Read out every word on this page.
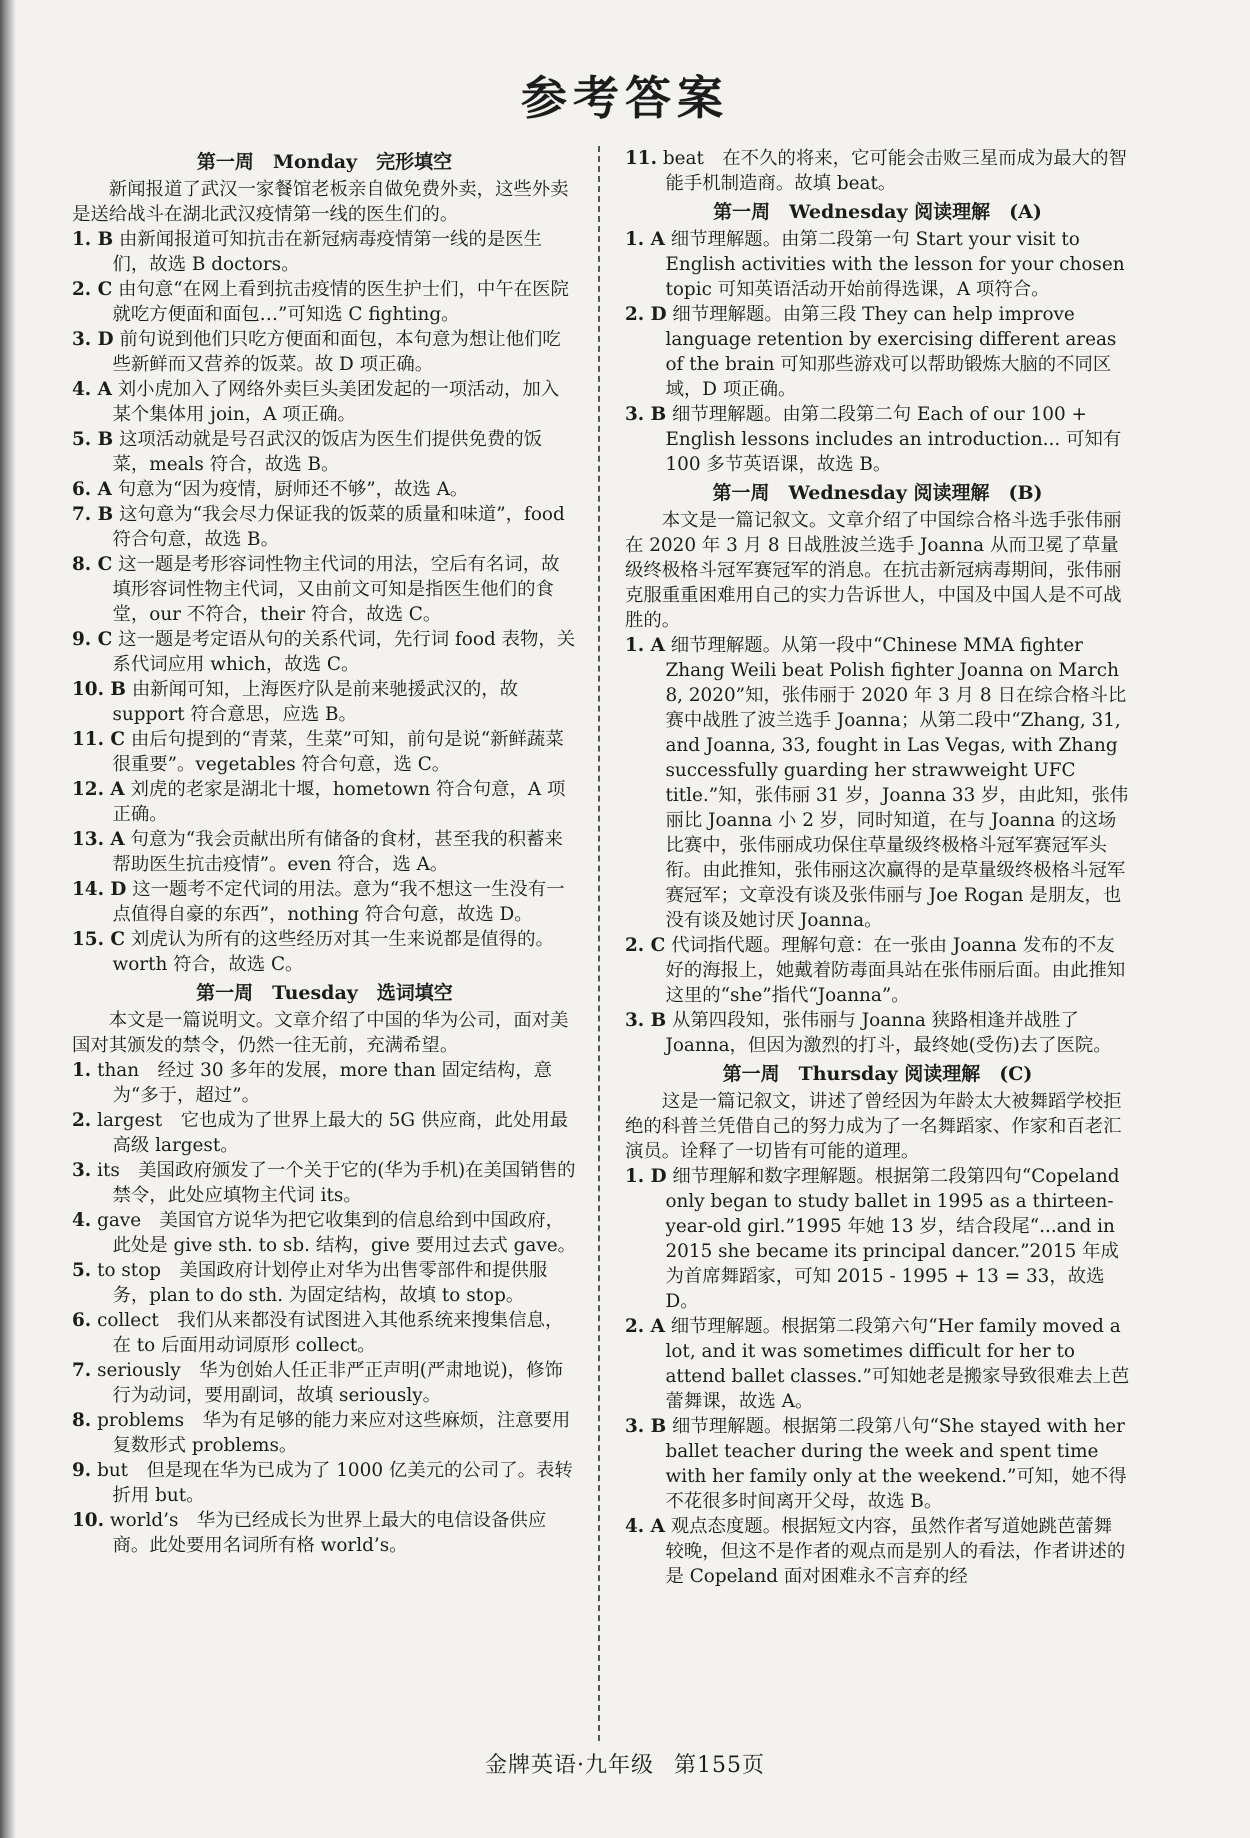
参考答案
第一周　Monday　完形填空

新闻报道了武汉一家餐馆老板亲自做免费外卖，这些外卖是送给战斗在湖北武汉疫情第一线的医生们的。

1. B 由新闻报道可知抗击在新冠病毒疫情第一线的是医生们，故选 B doctors。

2. C 由句意“在网上看到抗击疫情的医生护士们，中午在医院就吃方便面和面包…”可知选 C fighting。

3. D 前句说到他们只吃方便面和面包，本句意为想让他们吃些新鲜而又营养的饭菜。故 D 项正确。

4. A 刘小虎加入了网络外卖巨头美团发起的一项活动，加入某个集体用 join，A 项正确。

5. B 这项活动就是号召武汉的饭店为医生们提供免费的饭菜，meals 符合，故选 B。

6. A 句意为“因为疫情，厨师还不够”，故选 A。

7. B 这句意为“我会尽力保证我的饭菜的质量和味道”，food 符合句意，故选 B。

8. C 这一题是考形容词性物主代词的用法，空后有名词，故填形容词性物主代词，又由前文可知是指医生他们的食堂，our 不符合，their 符合，故选 C。

9. C 这一题是考定语从句的关系代词，先行词 food 表物，关系代词应用 which，故选 C。

10. B 由新闻可知，上海医疗队是前来驰援武汉的，故 support 符合意思，应选 B。

11. C 由后句提到的“青菜，生菜”可知，前句是说“新鲜蔬菜很重要”。vegetables 符合句意，选 C。

12. A 刘虎的老家是湖北十堰，hometown 符合句意，A 项正确。

13. A 句意为“我会贡献出所有储备的食材，甚至我的积蓄来帮助医生抗击疫情”。even 符合，选 A。

14. D 这一题考不定代词的用法。意为“我不想这一生没有一点值得自豪的东西”，nothing 符合句意，故选 D。

15. C 刘虎认为所有的这些经历对其一生来说都是值得的。worth 符合，故选 C。

第一周　Tuesday　选词填空

本文是一篇说明文。文章介绍了中国的华为公司，面对美国对其颁发的禁令，仍然一往无前，充满希望。

1. than　经过 30 多年的发展，more than 固定结构，意为“多于，超过”。

2. largest　它也成为了世界上最大的 5G 供应商，此处用最高级 largest。

3. its　美国政府颁发了一个关于它的(华为手机)在美国销售的禁令，此处应填物主代词 its。

4. gave　美国官方说华为把它收集到的信息给到中国政府，此处是 give sth. to sb. 结构，give 要用过去式 gave。

5. to stop　美国政府计划停止对华为出售零部件和提供服务，plan to do sth. 为固定结构，故填 to stop。

6. collect　我们从来都没有试图进入其他系统来搜集信息，在 to 后面用动词原形 collect。

7. seriously　华为创始人任正非严正声明(严肃地说)，修饰行为动词，要用副词，故填 seriously。

8. problems　华为有足够的能力来应对这些麻烦，注意要用复数形式 problems。

9. but　但是现在华为已成为了 1000 亿美元的公司了。表转折用 but。

10. world’s　华为已经成长为世界上最大的电信设备供应商。此处要用名词所有格 world’s。

11. beat　在不久的将来，它可能会击败三星而成为最大的智能手机制造商。故填 beat。

第一周　Wednesday 阅读理解　(A)

1. A 细节理解题。由第二段第一句 Start your visit to English activities with the lesson for your chosen topic 可知英语活动开始前得选课，A 项符合。

2. D 细节理解题。由第三段 They can help improve language retention by exercising different areas of the brain 可知那些游戏可以帮助锻炼大脑的不同区域，D 项正确。

3. B 细节理解题。由第二段第二句 Each of our 100 + English lessons includes an introduction... 可知有 100 多节英语课，故选 B。

第一周　Wednesday 阅读理解　(B)

本文是一篇记叙文。文章介绍了中国综合格斗选手张伟丽在 2020 年 3 月 8 日战胜波兰选手 Joanna 从而卫冕了草量级终极格斗冠军赛冠军的消息。在抗击新冠病毒期间，张伟丽克服重重困难用自己的实力告诉世人，中国及中国人是不可战胜的。

1. A 细节理解题。从第一段中“Chinese MMA fighter Zhang Weili beat Polish fighter Joanna on March 8, 2020”知，张伟丽于 2020 年 3 月 8 日在综合格斗比赛中战胜了波兰选手 Joanna；从第二段中“Zhang, 31, and Joanna, 33, fought in Las Vegas, with Zhang successfully guarding her strawweight UFC title.”知，张伟丽 31 岁，Joanna 33 岁，由此知，张伟丽比 Joanna 小 2 岁，同时知道，在与 Joanna 的这场比赛中，张伟丽成功保住草量级终极格斗冠军赛冠军头衔。由此推知，张伟丽这次赢得的是草量级终极格斗冠军赛冠军；文章没有谈及张伟丽与 Joe Rogan 是朋友，也没有谈及她讨厌 Joanna。

2. C 代词指代题。理解句意：在一张由 Joanna 发布的不友好的海报上，她戴着防毒面具站在张伟丽后面。由此推知这里的“she”指代“Joanna”。

3. B 从第四段知，张伟丽与 Joanna 狭路相逢并战胜了 Joanna，但因为激烈的打斗，最终她(受伤)去了医院。

第一周　Thursday 阅读理解　(C)

这是一篇记叙文，讲述了曾经因为年龄太大被舞蹈学校拒绝的科普兰凭借自己的努力成为了一名舞蹈家、作家和百老汇演员。诠释了一切皆有可能的道理。

1. D 细节理解和数字理解题。根据第二段第四句“Copeland only began to study ballet in 1995 as a thirteen-year-old girl.”1995 年她 13 岁，结合段尾“...and in 2015 she became its principal dancer.”2015 年成为首席舞蹈家，可知 2015 - 1995 + 13 = 33，故选 D。

2. A 细节理解题。根据第二段第六句“Her family moved a lot, and it was sometimes difficult for her to attend ballet classes.”可知她老是搬家导致很难去上芭蕾舞课，故选 A。

3. B 细节理解题。根据第二段第八句“She stayed with her ballet teacher during the week and spent time with her family only at the weekend.”可知，她不得不花很多时间离开父母，故选 B。

4. A 观点态度题。根据短文内容，虽然作者写道她跳芭蕾舞较晚，但这不是作者的观点而是别人的看法，作者讲述的是 Copeland 面对困难永不言弃的经

金牌英语·九年级 第155页
